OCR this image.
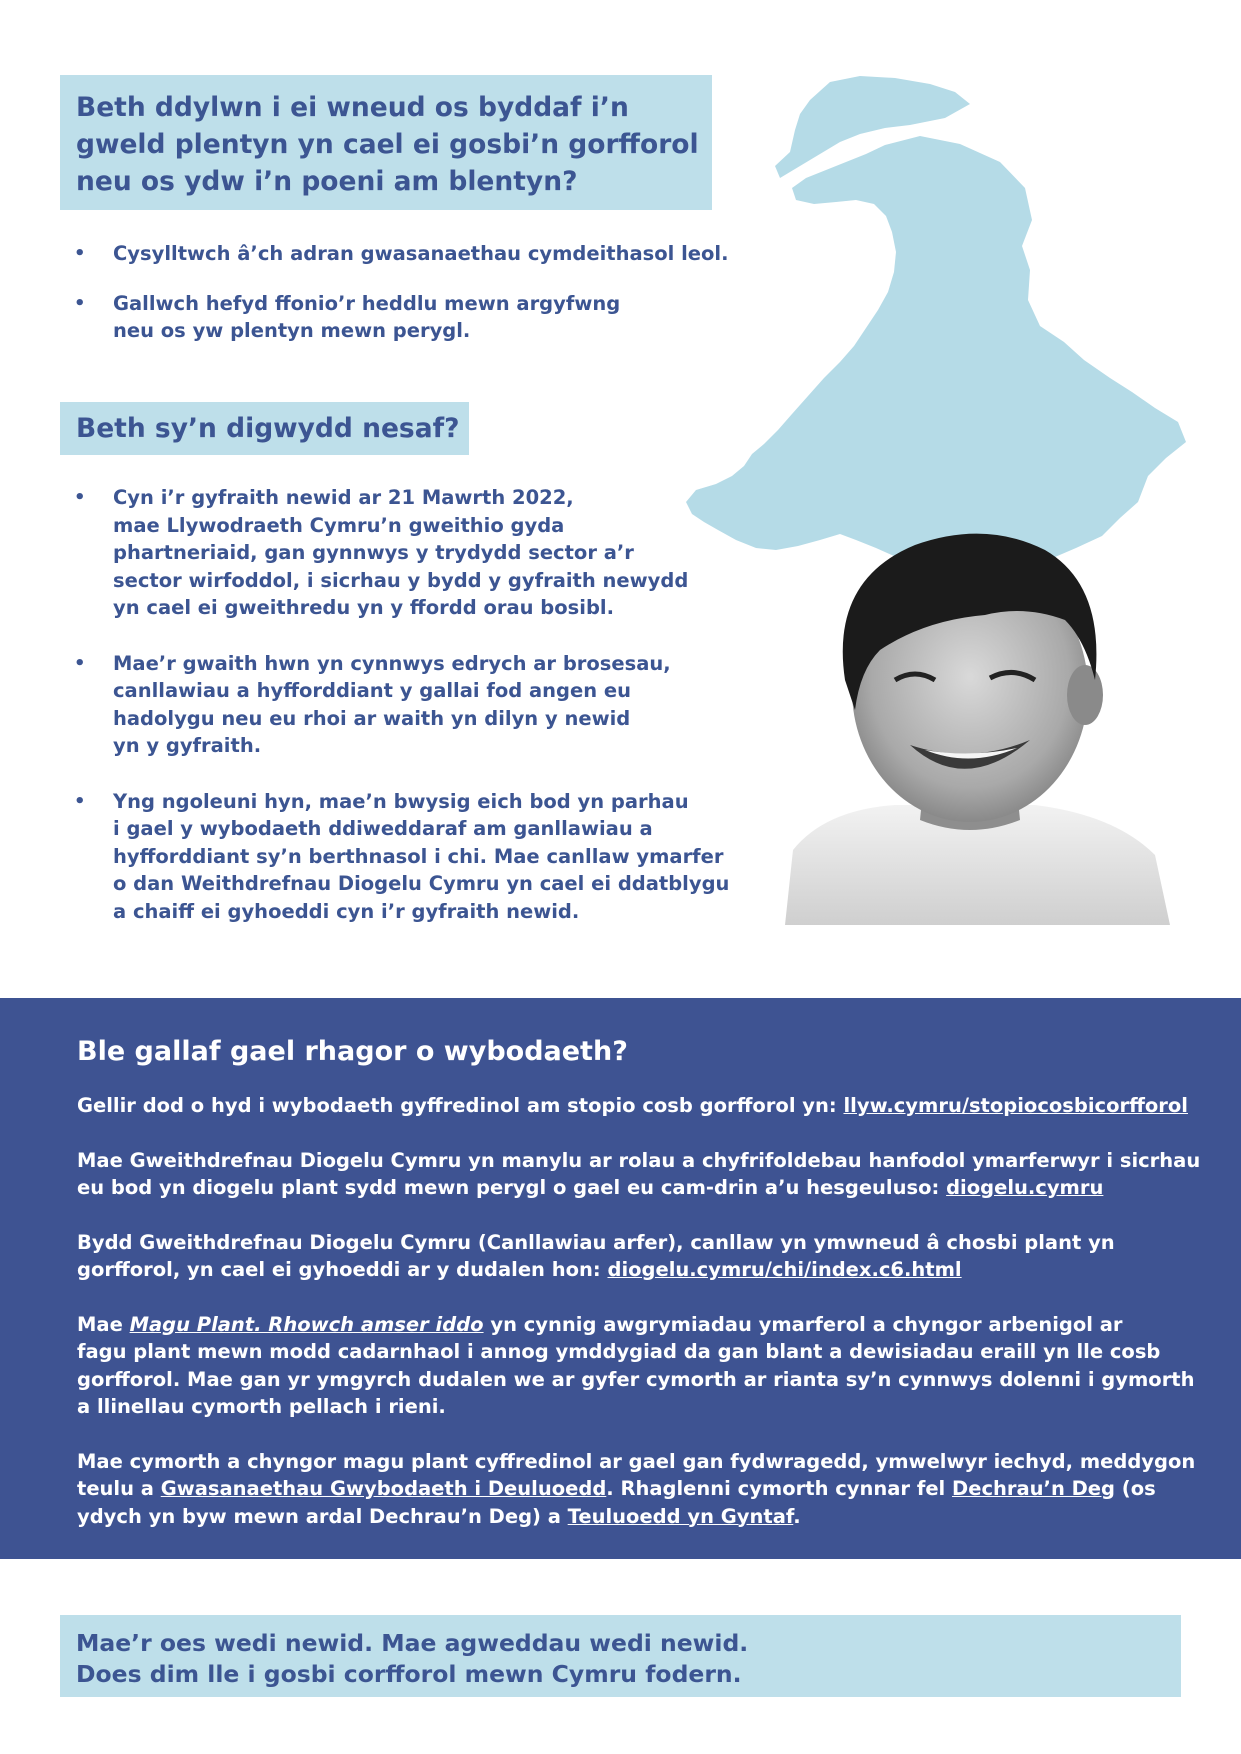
Beth ddylwn i ei wneud os byddaf i’n
gweld plentyn yn cael ei gosbi’n gorfforol
neu os ydw i’n poeni am blentyn?
• Cysylltwch â’ch adran gwasanaethau cymdeithasol leol.
• Gallwch hefyd ffonio’r heddlu mewn argyfwng
neu os yw plentyn mewn perygl.
Beth sy’n digwydd nesaf?
• Cyn i’r gyfraith newid ar 21 Mawrth 2022,
mae Llywodraeth Cymru’n gweithio gyda
phartneriaid, gan gynnwys y trydydd sector a’r
sector wirfoddol, i sicrhau y bydd y gyfraith newydd
yn cael ei gweithredu yn y ffordd orau bosibl.
• Mae’r gwaith hwn yn cynnwys edrych ar brosesau,
canllawiau a hyfforddiant y gallai fod angen eu
hadolygu neu eu rhoi ar waith yn dilyn y newid
yn y gyfraith.
• Yng ngoleuni hyn, mae’n bwysig eich bod yn parhau
i gael y wybodaeth ddiweddaraf am ganllawiau a
hyfforddiant sy’n berthnasol i chi. Mae canllaw ymarfer
o dan Weithdrefnau Diogelu Cymru yn cael ei ddatblygu
a chaiff ei gyhoeddi cyn i’r gyfraith newid.
Ble gallaf gael rhagor o wybodaeth?

Gellir dod o hyd i wybodaeth gyffredinol am stopio cosb gorfforol yn: llyw.cymru/stopiocosbicorfforol

Mae Gweithdrefnau Diogelu Cymru yn manylu ar rolau a chyfrifoldebau hanfodol ymarferwyr i sicrhau
eu bod yn diogelu plant sydd mewn perygl o gael eu cam-drin a’u hesgeuluso: diogelu.cymru

Bydd Gweithdrefnau Diogelu Cymru (Canllawiau arfer), canllaw yn ymwneud â chosbi plant yn
gorfforol, yn cael ei gyhoeddi ar y dudalen hon: diogelu.cymru/chi/index.c6.html

Mae Magu Plant. Rhowch amser iddo yn cynnig awgrymiadau ymarferol a chyngor arbenigol ar
fagu plant mewn modd cadarnhaol i annog ymddygiad da gan blant a dewisiadau eraill yn lle cosb
gorfforol. Mae gan yr ymgyrch dudalen we ar gyfer cymorth ar rianta sy’n cynnwys dolenni i gymorth
a llinellau cymorth pellach i rieni.

Mae cymorth a chyngor magu plant cyffredinol ar gael gan fydwragedd, ymwelwyr iechyd, meddygon
teulu a Gwasanaethau Gwybodaeth i Deuluoedd. Rhaglenni cymorth cynnar fel Dechrau’n Deg (os
ydych yn byw mewn ardal Dechrau’n Deg) a Teuluoedd yn Gyntaf.

Mae’r oes wedi newid. Mae agweddau wedi newid.
Does dim lle i gosbi corfforol mewn Cymru fodern.
